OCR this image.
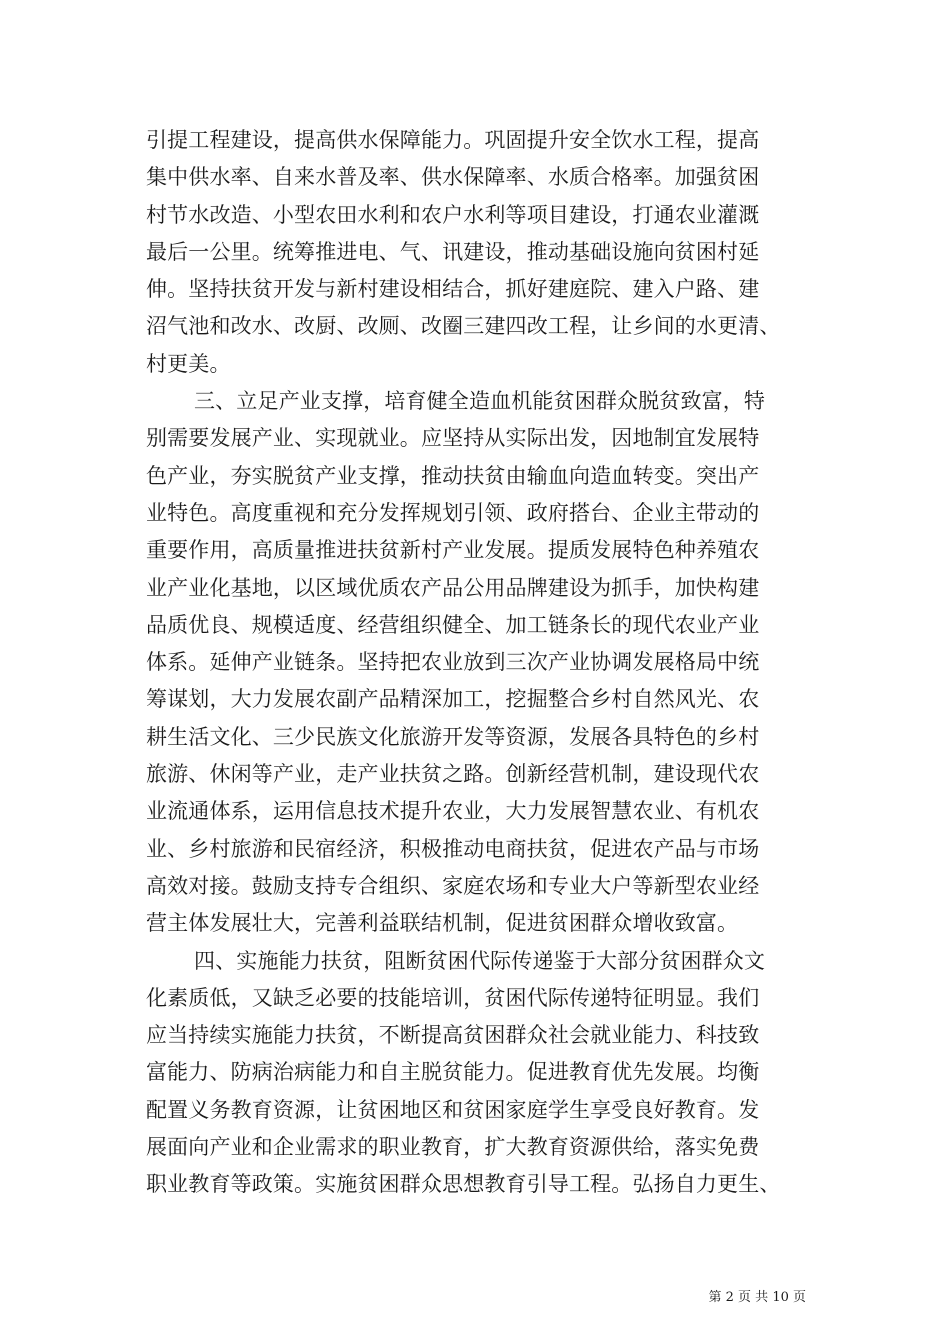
引提工程建设，提高供水保障能力。巩固提升安全饮水工程，提高
集中供水率、自来水普及率、供水保障率、水质合格率。加强贫困
村节水改造、小型农田水利和农户水利等项目建设，打通农业灌溉
最后一公里。统筹推进电、气、讯建设，推动基础设施向贫困村延
伸。坚持扶贫开发与新村建设相结合，抓好建庭院、建入户路、建
沼气池和改水、改厨、改厕、改圈三建四改工程，让乡间的水更清、
村更美。
三、立足产业支撑，培育健全造血机能贫困群众脱贫致富，特
别需要发展产业、实现就业。应坚持从实际出发，因地制宜发展特
色产业，夯实脱贫产业支撑，推动扶贫由输血向造血转变。突出产
业特色。高度重视和充分发挥规划引领、政府搭台、企业主带动的
重要作用，高质量推进扶贫新村产业发展。提质发展特色种养殖农
业产业化基地，以区域优质农产品公用品牌建设为抓手，加快构建
品质优良、规模适度、经营组织健全、加工链条长的现代农业产业
体系。延伸产业链条。坚持把农业放到三次产业协调发展格局中统
筹谋划，大力发展农副产品精深加工，挖掘整合乡村自然风光、农
耕生活文化、三少民族文化旅游开发等资源，发展各具特色的乡村
旅游、休闲等产业，走产业扶贫之路。创新经营机制，建设现代农
业流通体系，运用信息技术提升农业，大力发展智慧农业、有机农
业、乡村旅游和民宿经济，积极推动电商扶贫，促进农产品与市场
高效对接。鼓励支持专合组织、家庭农场和专业大户等新型农业经
营主体发展壮大，完善利益联结机制，促进贫困群众增收致富。
四、实施能力扶贫，阻断贫困代际传递鉴于大部分贫困群众文
化素质低，又缺乏必要的技能培训，贫困代际传递特征明显。我们
应当持续实施能力扶贫，不断提高贫困群众社会就业能力、科技致
富能力、防病治病能力和自主脱贫能力。促进教育优先发展。均衡
配置义务教育资源，让贫困地区和贫困家庭学生享受良好教育。发
展面向产业和企业需求的职业教育，扩大教育资源供给，落实免费
职业教育等政策。实施贫困群众思想教育引导工程。弘扬自力更生、
第 2 页 共 10 页
